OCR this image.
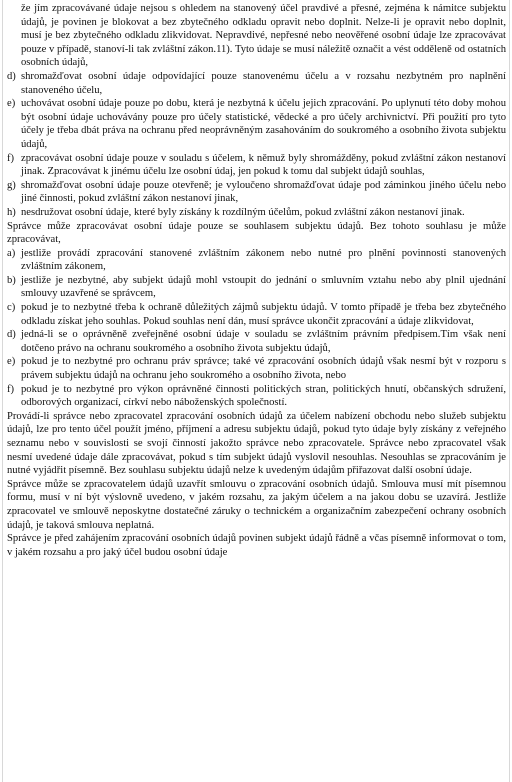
že jím zpracovávané údaje nejsou s ohledem na stanovený účel pravdivé a přesné, zejména k námitce subjektu údajů, je povinen je blokovat a bez zbytečného odkladu opravit nebo doplnit. Nelze-li je opravit nebo doplnit, musí je bez zbytečného odkladu zlikvidovat. Nepravdivé, nepřesné nebo neověřené osobní údaje lze zpracovávat pouze v případě, stanoví-li tak zvláštní zákon.11). Tyto údaje se musí náležitě označit a vést odděleně od ostatních osobních údajů,

d) shromažďovat osobní údaje odpovídající pouze stanovenému účelu a v rozsahu nezbytném pro naplnění stanoveného účelu,
e) uchovávat osobní údaje pouze po dobu, která je nezbytná k účelu jejich zpracování. Po uplynutí této doby mohou být osobní údaje uchovávány pouze pro účely statistické, vědecké a pro účely archivnictví. Při použití pro tyto účely je třeba dbát práva na ochranu před neoprávněným zasahováním do soukromého a osobního života subjektu údajů,
f) zpracovávat osobní údaje pouze v souladu s účelem, k němuž byly shromážděny, pokud zvláštní zákon nestanoví jinak. Zpracovávat k jinému účelu lze osobní údaj, jen pokud k tomu dal subjekt údajů souhlas,
g) shromažďovat osobní údaje pouze otevřeně; je vyloučeno shromažďovat údaje pod záminkou jiného účelu nebo jiné činnosti, pokud zvláštní zákon nestanoví jinak,
h) nesdružovat osobní údaje, které byly získány k rozdílným účelům, pokud zvláštní zákon nestanoví jinak.

Správce může zpracovávat osobní údaje pouze se souhlasem subjektu údajů. Bez tohoto souhlasu je může zpracovávat,

a) jestliže provádí zpracování stanovené zvláštním zákonem nebo nutné pro plnění povinnosti stanovených zvláštním zákonem,
b) jestliže je nezbytné, aby subjekt údajů mohl vstoupit do jednání o smluvním vztahu nebo aby plnil ujednání smlouvy uzavřené se správcem,
c) pokud je to nezbytné třeba k ochraně důležitých zájmů subjektu údajů. V tomto případě je třeba bez zbytečného odkladu získat jeho souhlas. Pokud souhlas není dán, musí správce ukončit zpracování a údaje zlikvidovat,
d) jedná-li se o oprávněně zveřejněné osobní údaje v souladu se zvláštním právním předpisem.Tím však není dotčeno právo na ochranu soukromého a osobního života subjektu údajů,
e) pokud je to nezbytné pro ochranu práv správce; také vé zpracování osobních údajů však nesmí být v rozporu s právem subjektu údajů na ochranu jeho soukromého a osobního života, nebo
f) pokud je to nezbytné pro výkon oprávněné činnosti politických stran, politických hnutí, občanských sdružení, odborových organizací, církví nebo náboženských společností.

Provádí-li správce nebo zpracovatel zpracování osobních údajů za účelem nabízení obchodu nebo služeb subjektu údajů, lze pro tento účel použít jméno, příjmení a adresu subjektu údajů, pokud tyto údaje byly získány z veřejného seznamu nebo v souvislosti se svojí činností jakožto správce nebo zpracovatele. Správce nebo zpracovatel však nesmí uvedené údaje dále zpracovávat, pokud s tím subjekt údajů vyslovil nesouhlas. Nesouhlas se zpracováním je nutné vyjádřit písemně. Bez souhlasu subjektu údajů nelze k uvedeným údajům přiřazovat další osobní údaje.

Správce může se zpracovatelem údajů uzavřít smlouvu o zpracování osobních údajů. Smlouva musí mít písemnou formu, musí v ní být výslovně uvedeno, v jakém rozsahu, za jakým účelem a na jakou dobu se uzavírá. Jestliže zpracovatel ve smlouvě neposkytne dostatečné záruky o technickém a organizačním zabezpečení ochrany osobních údajů, je taková smlouva neplatná.

Správce je před zahájením zpracování osobních údajů povinen subjekt údajů řádně a včas písemně informovat o tom, v jakém rozsahu a pro jaký účel budou osobní údaje
